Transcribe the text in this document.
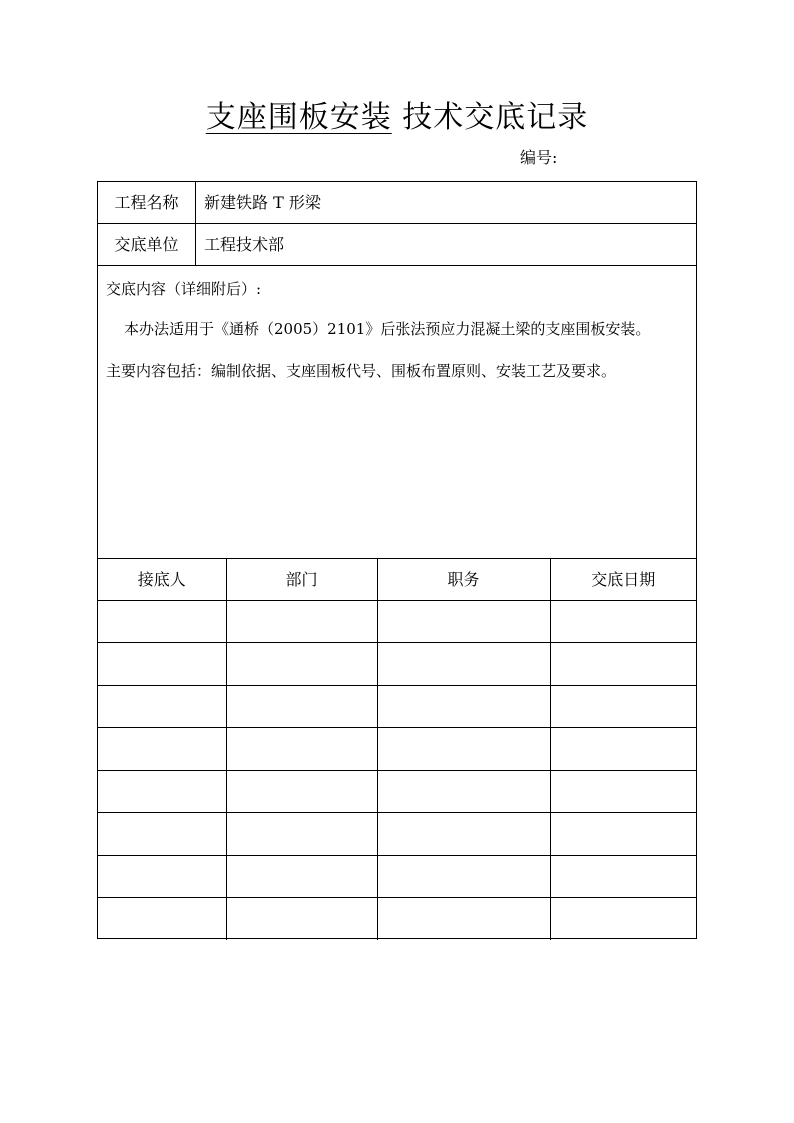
支座围板安装 技术交底记录
编号:
工程名称	新建铁路 T 形梁
交底单位	工程技术部

交底内容（详细附后）:

本办法适用于《通桥（2005）2101》后张法预应力混凝土梁的支座围板安装。

主要内容包括：编制依据、支座围板代号、围板布置原则、安装工艺及要求。

接底人	部门	职务	交底日期
